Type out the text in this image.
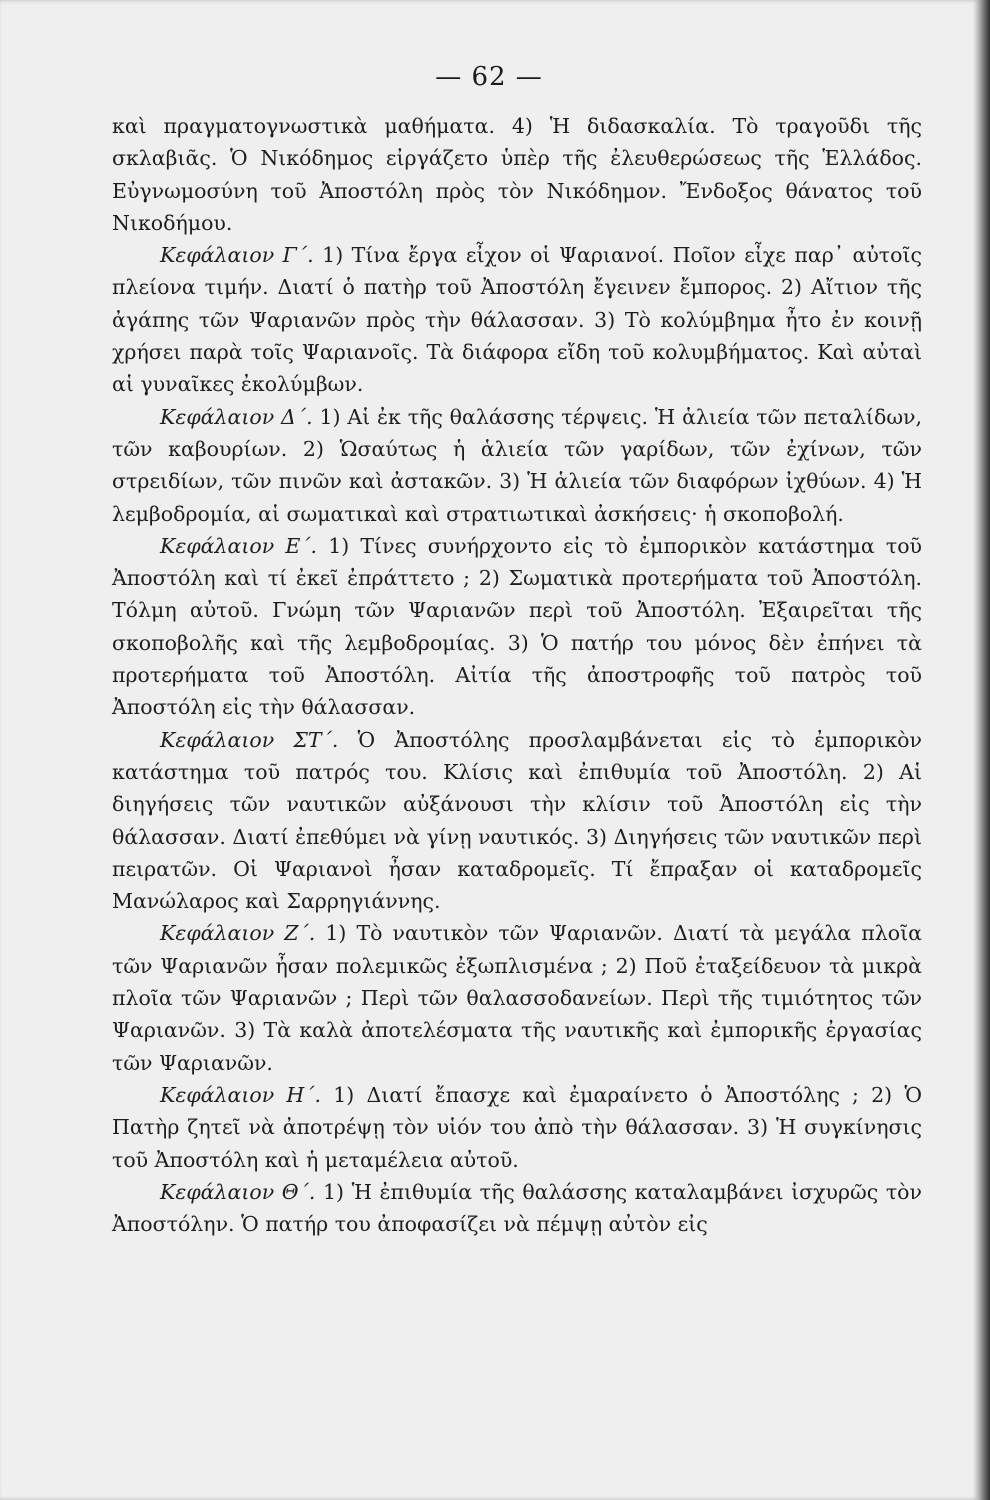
— 62 —

καὶ πραγματογνωστικὰ μαθήματα. 4) Ἡ διδασκαλία. Τὸ τραγοῦδι τῆς σκλαβιᾶς. Ὁ Νικόδημος εἰργάζετο ὑπὲρ τῆς ἐλευθερώσεως τῆς Ἑλλάδος. Εὐγνωμοσύνη τοῦ Ἀποστόλη πρὸς τὸν Νικόδημον. Ἔνδοξος θάνατος τοῦ Νικοδήμου.

Κεφάλαιον Γ΄. 1) Τίνα ἔργα εἶχον οἱ Ψαριανοί. Ποῖον εἶχε παρ᾽ αὐτοῖς πλείονα τιμήν. Διατί ὁ πατὴρ τοῦ Ἀποστόλη ἔγεινεν ἔμπορος. 2) Αἴτιον τῆς ἀγάπης τῶν Ψαριανῶν πρὸς τὴν θάλασσαν. 3) Τὸ κολύμβημα ἦτο ἐν κοινῇ χρήσει παρὰ τοῖς Ψαριανοῖς. Τὰ διάφορα εἴδη τοῦ κολυμβήματος. Καὶ αὐταὶ αἱ γυναῖκες ἐκολύμβων.

Κεφάλαιον Δ΄. 1) Αἱ ἐκ τῆς θαλάσσης τέρψεις. Ἡ ἁλιεία τῶν πεταλίδων, τῶν καβουρίων. 2) Ὡσαύτως ἡ ἁλιεία τῶν γαρίδων, τῶν ἐχίνων, τῶν στρειδίων, τῶν πινῶν καὶ ἀστακῶν. 3) Ἡ ἁλιεία τῶν διαφόρων ἰχθύων. 4) Ἡ λεμβοδρομία, αἱ σωματικαὶ καὶ στρατιωτικαὶ ἀσκήσεις· ἡ σκοποβολή.

Κεφάλαιον Ε΄. 1) Τίνες συνήρχοντο εἰς τὸ ἐμπορικὸν κατάστημα τοῦ Ἀποστόλη καὶ τί ἐκεῖ ἐπράττετο ; 2) Σωματικὰ προτερήματα τοῦ Ἀποστόλη. Τόλμη αὐτοῦ. Γνώμη τῶν Ψαριανῶν περὶ τοῦ Ἀποστόλη. Ἐξαιρεῖται τῆς σκοποβολῆς καὶ τῆς λεμβοδρομίας. 3) Ὁ πατήρ του μόνος δὲν ἐπήνει τὰ προτερήματα τοῦ Ἀποστόλη. Αἰτία τῆς ἀποστροφῆς τοῦ πατρὸς τοῦ Ἀποστόλη εἰς τὴν θάλασσαν.

Κεφάλαιον ΣΤ΄. Ὁ Ἀποστόλης προσλαμβάνεται εἰς τὸ ἐμπορικὸν κατάστημα τοῦ πατρός του. Κλίσις καὶ ἐπιθυμία τοῦ Ἀποστόλη. 2) Αἱ διηγήσεις τῶν ναυτικῶν αὐξάνουσι τὴν κλίσιν τοῦ Ἀποστόλη εἰς τὴν θάλασσαν. Διατί ἐπεθύμει νὰ γίνῃ ναυτικός. 3) Διηγήσεις τῶν ναυτικῶν περὶ πειρατῶν. Οἱ Ψαριανοὶ ἦσαν καταδρομεῖς. Τί ἔπραξαν οἱ καταδρομεῖς Μανώλαρος καὶ Σαρρηγιάννης.

Κεφάλαιον Ζ΄. 1) Τὸ ναυτικὸν τῶν Ψαριανῶν. Διατί τὰ μεγάλα πλοῖα τῶν Ψαριανῶν ἦσαν πολεμικῶς ἐξωπλισμένα ; 2) Ποῦ ἐταξείδευον τὰ μικρὰ πλοῖα τῶν Ψαριανῶν ; Περὶ τῶν θαλασσοδανείων. Περὶ τῆς τιμιότητος τῶν Ψαριανῶν. 3) Τὰ καλὰ ἀποτελέσματα τῆς ναυτικῆς καὶ ἐμπορικῆς ἐργασίας τῶν Ψαριανῶν.

Κεφάλαιον Η΄. 1) Διατί ἔπασχε καὶ ἐμαραίνετο ὁ Ἀποστόλης ; 2) Ὁ Πατὴρ ζητεῖ νὰ ἀποτρέψῃ τὸν υἱόν του ἀπὸ τὴν θάλασσαν. 3) Ἡ συγκίνησις τοῦ Ἀποστόλη καὶ ἡ μεταμέλεια αὐτοῦ.

Κεφάλαιον Θ΄. 1) Ἡ ἐπιθυμία τῆς θαλάσσης καταλαμβάνει ἰσχυρῶς τὸν Ἀποστόλην. Ὁ πατήρ του ἀποφασίζει νὰ πέμψῃ αὐτὸν εἰς
